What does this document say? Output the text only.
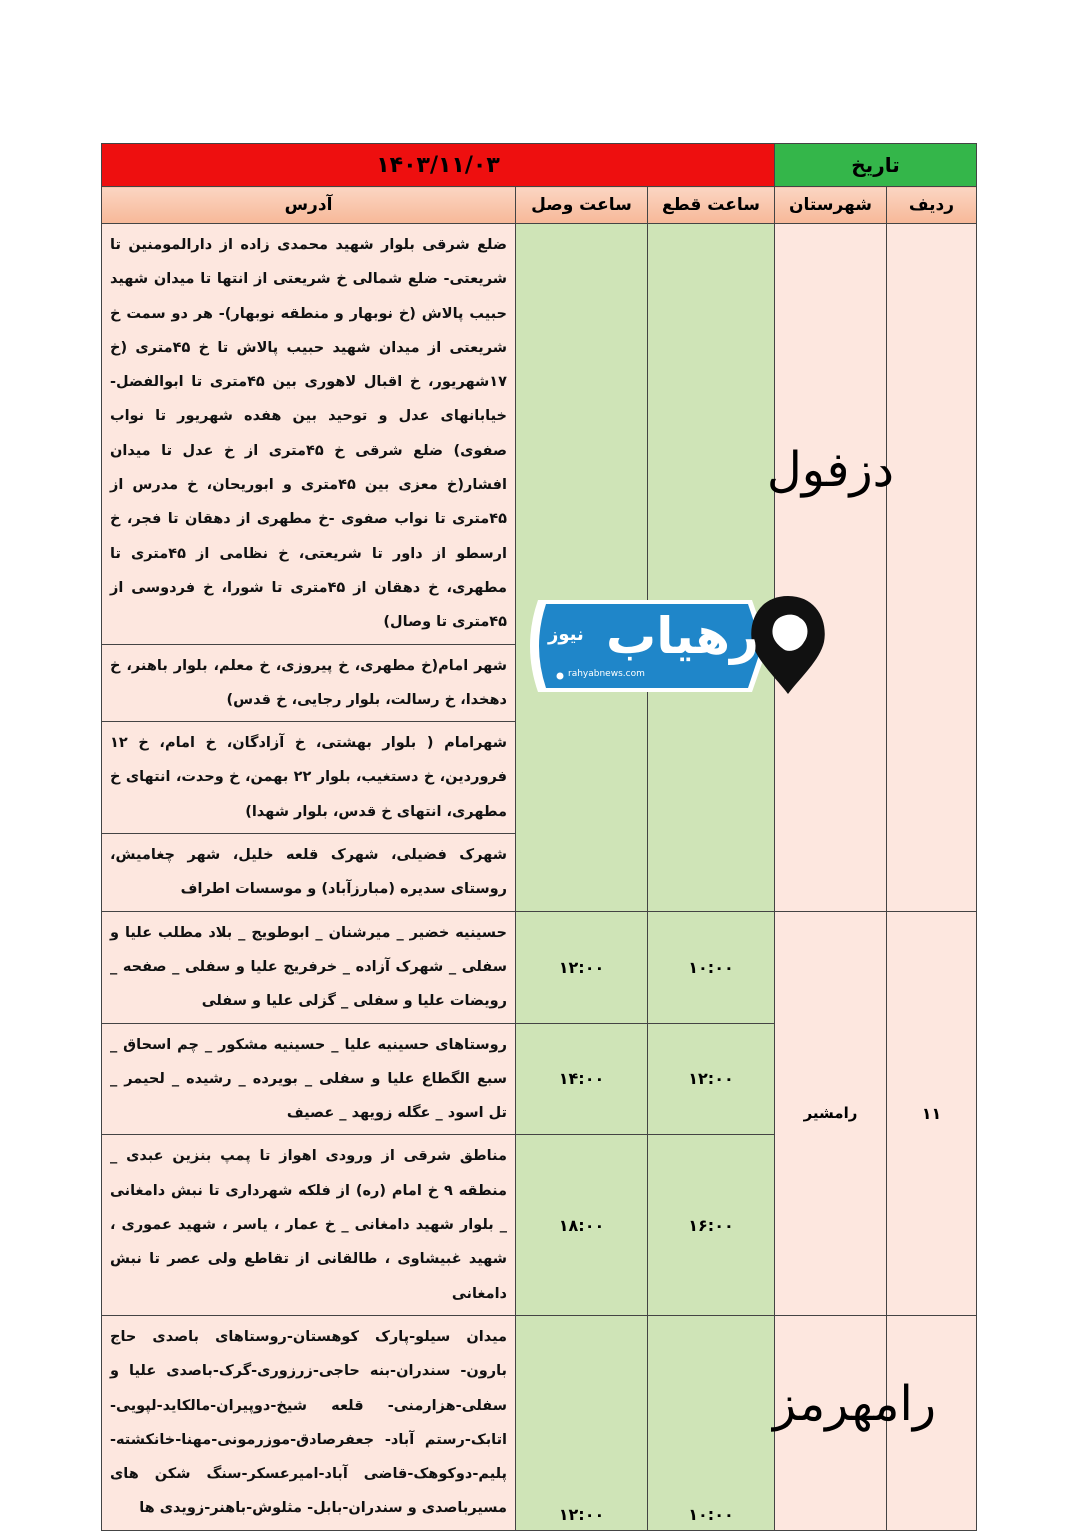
تاریخ		۱۴۰۳/۱۱/۰۳		
ردیف	شهرستان	ساعت قطع	ساعت وصل	آدرس

	دزفول			ضلع شرقی بلوار شهید محمدی زاده از دارالمومنین تا شریعتی- ضلع شمالی خ شریعتی از انتها تا میدان شهید حبیب پالاش (خ نوبهار و منطقه نوبهار)- هر دو سمت خ شریعتی از میدان شهید حبیب پالاش تا خ ۴۵متری (خ ۱۷شهریور، خ اقبال لاهوری بین ۴۵متری تا ابوالفضل- خیابانهای عدل و توحید بین هفده شهریور تا نواب صفوی) ضلع شرقی خ ۴۵متری از خ عدل تا میدان افشار(خ معزی بین ۴۵متری و ابوریحان، خ مدرس از ۴۵متری تا نواب صفوی -خ مطهری از دهقان تا فجر، خ ارسطو از داور تا شریعتی، خ نظامی از ۴۵متری تا مطهری، خ دهقان از ۴۵متری تا شورا، خ فردوسی از ۴۵متری تا وصال)
				شهر امام(خ مطهری، خ پیروزی، خ معلم، بلوار باهنر، خ دهخدا، خ رسالت، بلوار رجایی، خ قدس)
				شهرامام ( بلوار بهشتی، خ آزادگان، خ امام، خ ۱۲ فروردین، خ دستغیب، بلوار ۲۲ بهمن، خ وحدت، انتهای خ مطهری، انتهای خ قدس، بلوار شهدا)
				شهرک فضیلی، شهرک قلعه خلیل، شهر چغامیش، روستای سدیره (مبارزآباد) و موسسات اطراف
۱۱	رامشیر	۱۰:۰۰	۱۲:۰۰	حسینیه خضیر _ میرشنان _ ابوطویج _ بلاد مطلب علیا و سفلی _ شهرک آزاده _ خرفریج علیا و سفلی _ صفحه _ رویضات علیا و سفلی _ گزلی علیا و سفلی
		۱۲:۰۰	۱۴:۰۰	روستاهای حسینیه علیا _ حسینیه مشکور _ چم اسحاق _ سبع الگطاع علیا و سفلی _ بویرده _ رشیده _ لحیمر _ تل اسود _ عگله زویهد _ عصیف
		۱۶:۰۰	۱۸:۰۰	مناطق شرقی از ورودی اهواز تا پمپ بنزین عبدی _ منطقه ۹ خ امام (ره) از فلکه شهرداری تا نبش دامغانی _ بلوار شهید دامغانی _ خ عمار ، یاسر ، شهید عموری ، شهید غبیشاوی ، طالقانی از تقاطع ولی عصر تا نبش دامغانی

	رامهرمز	۱۰:۰۰	۱۲:۰۰	میدان سیلو-پارک کوهستان-روستاهای باصدی حاج بارون- سندران-بنه حاجی-زرزوری-گرک-باصدی علیا و سفلی-هزارمنی- قلعه شیخ-دوپیران-مالکاید-لپویی-اتابک-رستم آباد- جعفرصادق-موزرمونی-مهنا-خانکشته-پلیم-دوکوهک-قاضی آباد-امیرعسکر-سنگ شکن های مسیرباصدی و سندران-بابل- مثلوش-باهنر-زویدی ها
رهیاب
نیوز
rahyabnews.com
